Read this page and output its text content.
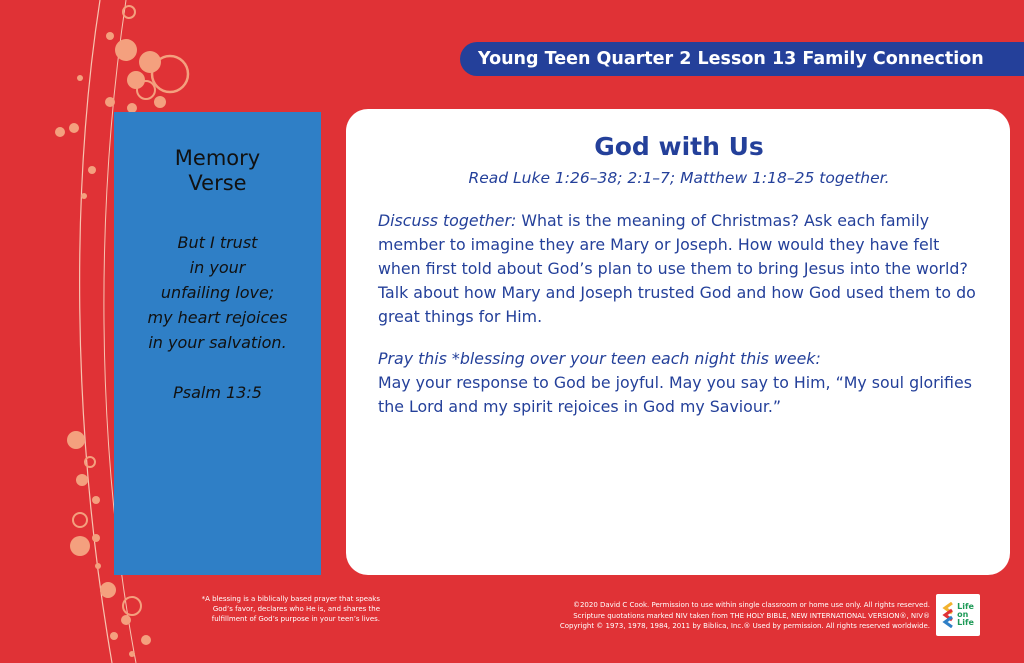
Young Teen Quarter 2 Lesson 13 Family Connection
Memory
Verse
But I trust
in your
unfailing love;
my heart rejoices
in your salvation.
Psalm 13:5
God with Us
Read Luke 1:26–38; 2:1–7; Matthew 1:18–25 together.

Discuss together: What is the meaning of Christmas? Ask each family member to imagine they are Mary or Joseph. How would they have felt when first told about God’s plan to use them to bring Jesus into the world? Talk about how Mary and Joseph trusted God and how God used them to do great things for Him.

Pray this *blessing over your teen each night this week:
May your response to God be joyful. May you say to Him, “My soul glorifies the Lord and my spirit rejoices in God my Saviour.”
*A blessing is a biblically based prayer that speaks
God’s favor, declares who He is, and shares the
fulfillment of God’s purpose in your teen’s lives.
©2020 David C Cook. Permission to use within single classroom or home use only. All rights reserved.
Scripture quotations marked NIV taken from THE HOLY BIBLE, NEW INTERNATIONAL VERSION®, NIV®
Copyright © 1973, 1978, 1984, 2011 by Biblica, Inc.® Used by permission. All rights reserved worldwide.
Life
on
Life
